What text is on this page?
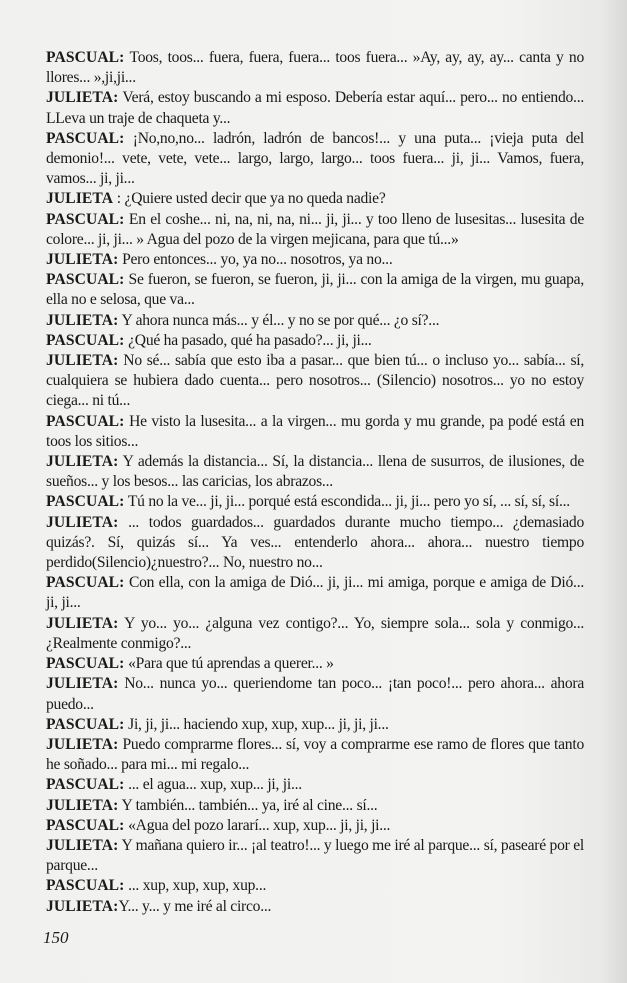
PASCUAL: Toos, toos... fuera, fuera, fuera... toos fuera... »Ay, ay, ay, ay... canta y no llores... »,ji,ji...

JULIETA: Verá, estoy buscando a mi esposo. Debería estar aquí... pero... no entiendo... LLeva un traje de chaqueta y...

PASCUAL: ¡No,no,no... ladrón, ladrón de bancos!... y una puta... ¡vieja puta del demonio!... vete, vete, vete... largo, largo, largo... toos fuera... ji, ji... Vamos, fuera, vamos... ji, ji...

JULIETA : ¿Quiere usted decir que ya no queda nadie?

PASCUAL: En el coshe... ni, na, ni, na, ni... ji, ji... y too lleno de lusesitas... lusesita de colore... ji, ji... » Agua del pozo de la virgen mejicana, para que tú...»

JULIETA: Pero entonces... yo, ya no... nosotros, ya no...

PASCUAL: Se fueron, se fueron, se fueron, ji, ji... con la amiga de la virgen, mu guapa, ella no e selosa, que va...

JULIETA: Y ahora nunca más... y él... y no se por qué... ¿o sí?...

PASCUAL: ¿Qué ha pasado, qué ha pasado?... ji, ji...

JULIETA: No sé... sabía que esto iba a pasar... que bien tú... o incluso yo... sabía... sí, cualquiera se hubiera dado cuenta... pero nosotros... (Silencio) nosotros... yo no estoy ciega... ni tú...

PASCUAL: He visto la lusesita... a la virgen... mu gorda y mu grande, pa podé está en toos los sitios...

JULIETA: Y además la distancia... Sí, la distancia... llena de susurros, de ilusiones, de sueños... y los besos... las caricias, los abrazos...

PASCUAL: Tú no la ve... ji, ji... porqué está escondida... ji, ji... pero yo sí, ... sí, sí, sí...

JULIETA: ... todos guardados... guardados durante mucho tiempo... ¿demasiado quizás?. Sí, quizás sí... Ya ves... entenderlo ahora... ahora... nuestro tiempo perdido(Silencio)¿nuestro?... No, nuestro no...

PASCUAL: Con ella, con la amiga de Dió... ji, ji... mi amiga, porque e amiga de Dió... ji, ji...

JULIETA: Y yo... yo... ¿alguna vez contigo?... Yo, siempre sola... sola y conmigo... ¿Realmente conmigo?...

PASCUAL: «Para que tú aprendas a querer... »

JULIETA: No... nunca yo... queriendome tan poco... ¡tan poco!... pero ahora... ahora puedo...

PASCUAL: Ji, ji, ji... haciendo xup, xup, xup... ji, ji, ji...

JULIETA: Puedo comprarme flores... sí, voy a comprarme ese ramo de flores que tanto he soñado... para mi... mi regalo...

PASCUAL: ... el agua... xup, xup... ji, ji...

JULIETA: Y también... también... ya, iré al cine... sí...

PASCUAL: «Agua del pozo lararí... xup, xup... ji, ji, ji...

JULIETA: Y mañana quiero ir... ¡al teatro!... y luego me iré al parque... sí, pasearé por el parque...

PASCUAL: ... xup, xup, xup, xup...

JULIETA:Y... y... y me iré al circo...

150
